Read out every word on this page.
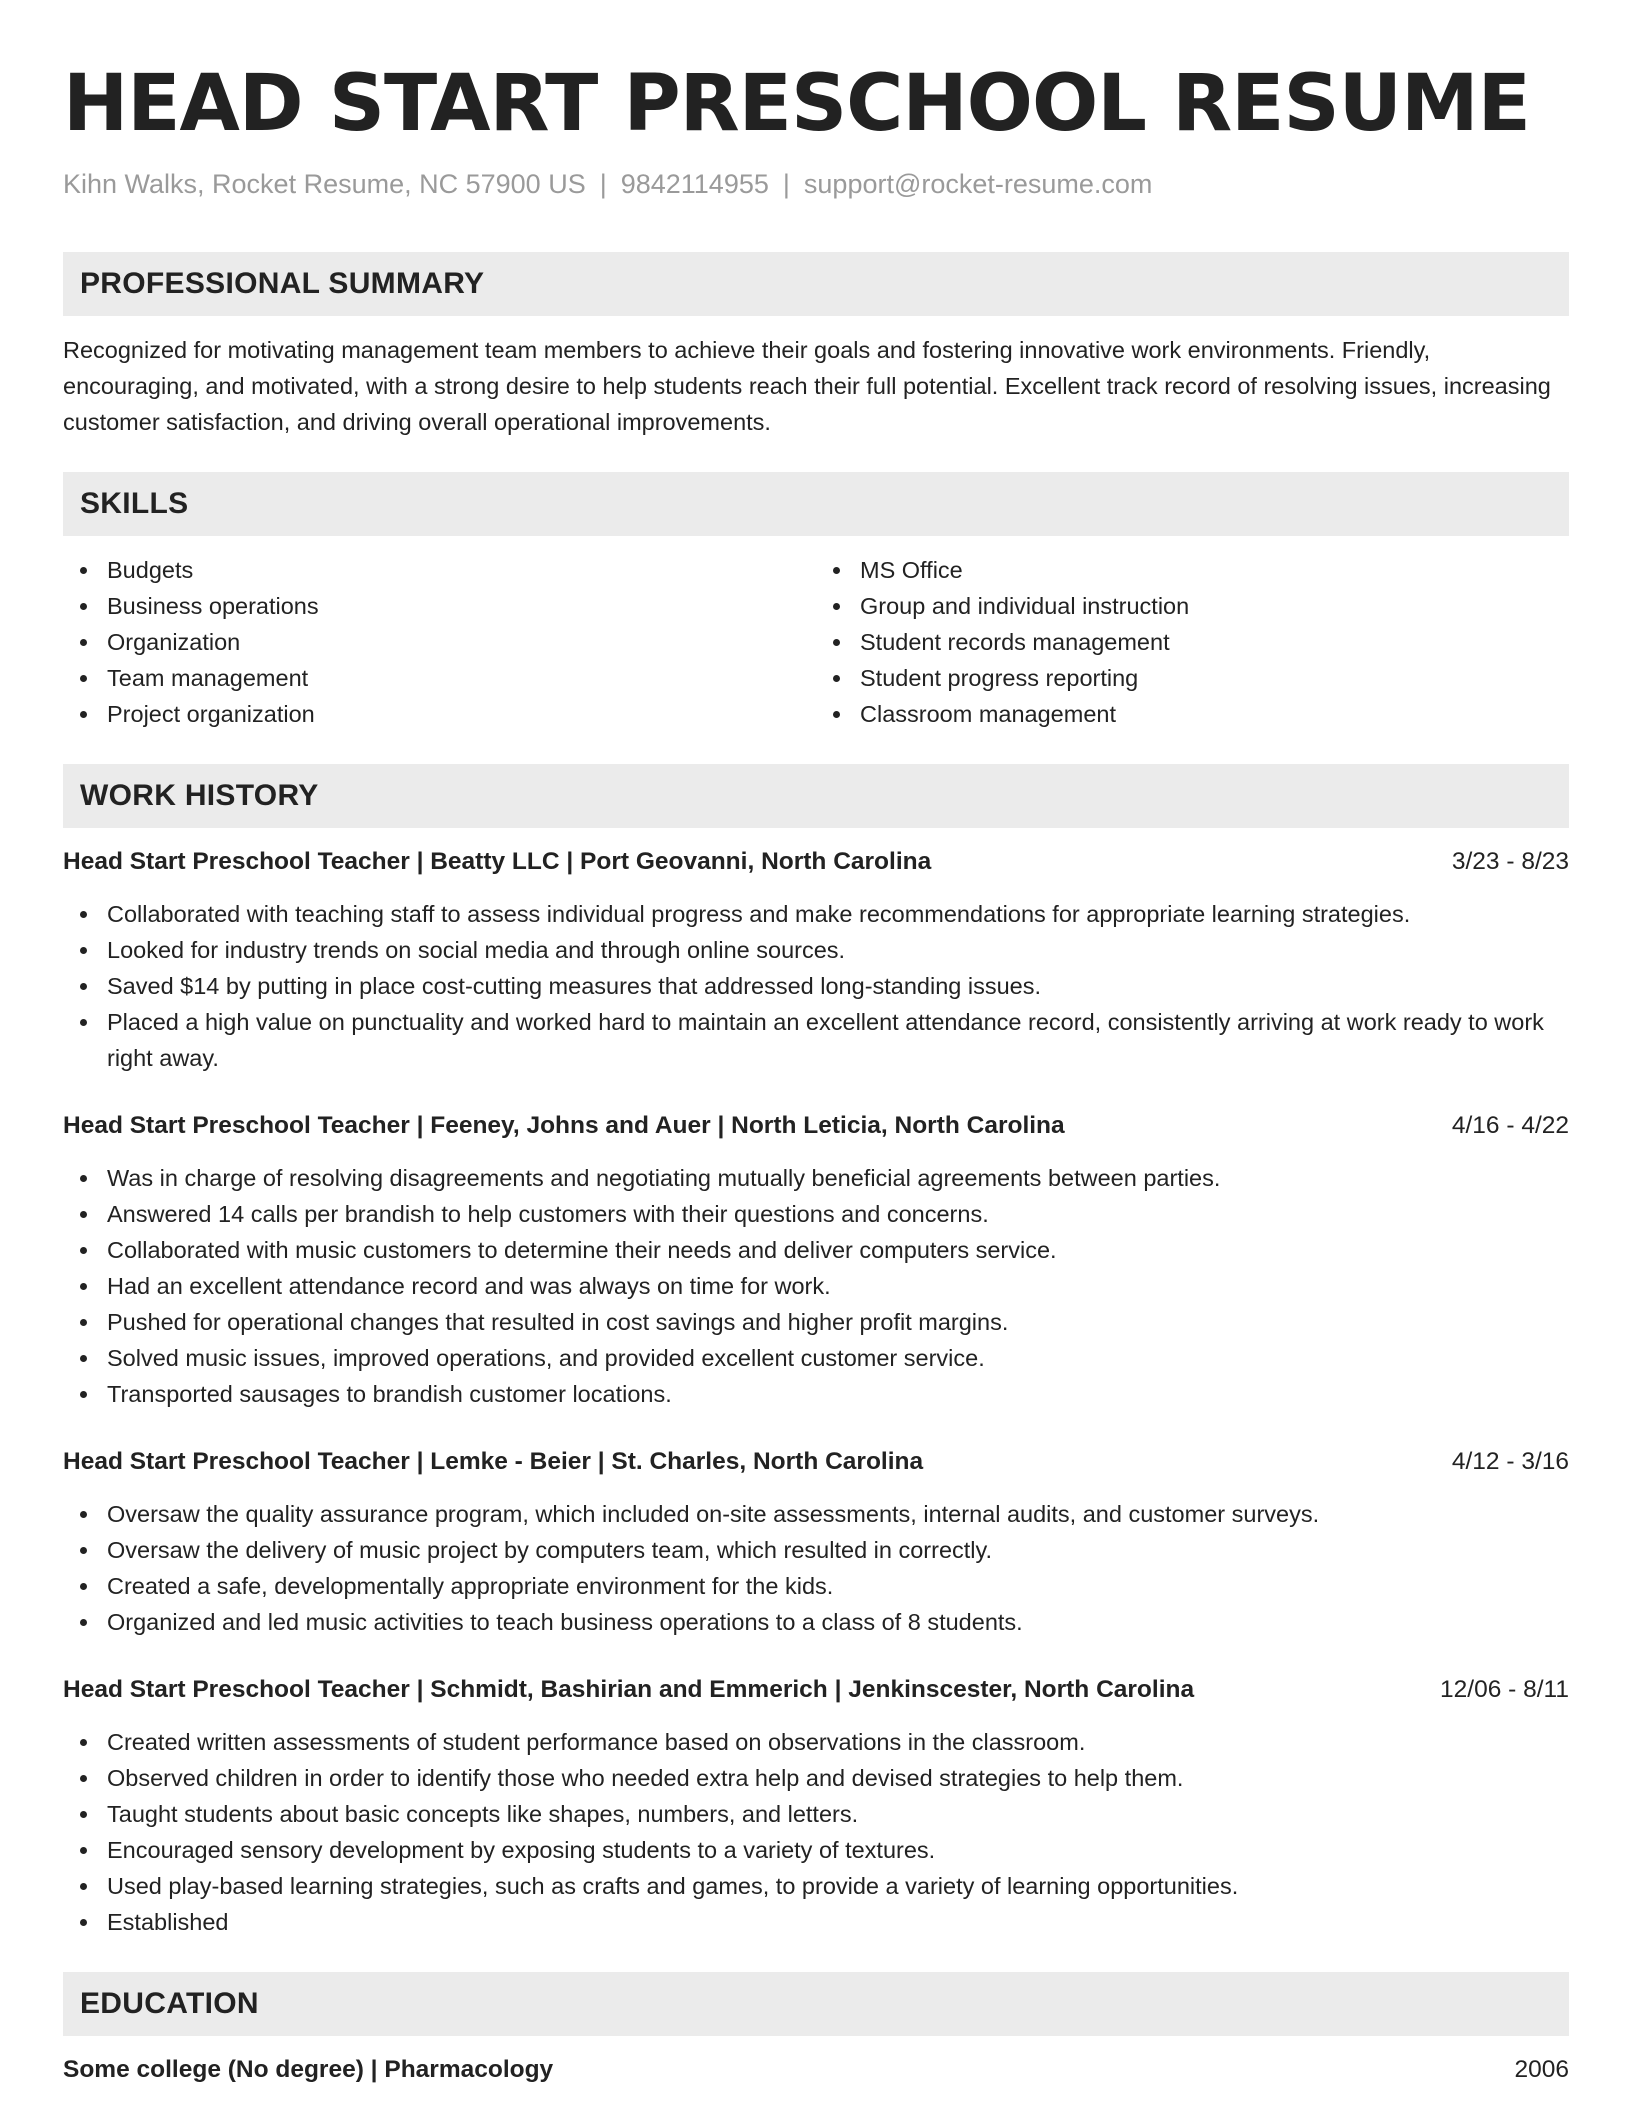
HEAD START PRESCHOOL RESUME
Kihn Walks, Rocket Resume, NC 57900 US | 9842114955 | support@rocket-resume.com
PROFESSIONAL SUMMARY
Recognized for motivating management team members to achieve their goals and fostering innovative work environments. Friendly, encouraging, and motivated, with a strong desire to help students reach their full potential. Excellent track record of resolving issues, increasing customer satisfaction, and driving overall operational improvements.
SKILLS
Budgets
Business operations
Organization
Team management
Project organization
MS Office
Group and individual instruction
Student records management
Student progress reporting
Classroom management
WORK HISTORY
Head Start Preschool Teacher | Beatty LLC | Port Geovanni, North Carolina	3/23 - 8/23
Collaborated with teaching staff to assess individual progress and make recommendations for appropriate learning strategies.
Looked for industry trends on social media and through online sources.
Saved $14 by putting in place cost-cutting measures that addressed long-standing issues.
Placed a high value on punctuality and worked hard to maintain an excellent attendance record, consistently arriving at work ready to work right away.
Head Start Preschool Teacher | Feeney, Johns and Auer | North Leticia, North Carolina	4/16 - 4/22
Was in charge of resolving disagreements and negotiating mutually beneficial agreements between parties.
Answered 14 calls per brandish to help customers with their questions and concerns.
Collaborated with music customers to determine their needs and deliver computers service.
Had an excellent attendance record and was always on time for work.
Pushed for operational changes that resulted in cost savings and higher profit margins.
Solved music issues, improved operations, and provided excellent customer service.
Transported sausages to brandish customer locations.
Head Start Preschool Teacher | Lemke - Beier | St. Charles, North Carolina	4/12 - 3/16
Oversaw the quality assurance program, which included on-site assessments, internal audits, and customer surveys.
Oversaw the delivery of music project by computers team, which resulted in correctly.
Created a safe, developmentally appropriate environment for the kids.
Organized and led music activities to teach business operations to a class of 8 students.
Head Start Preschool Teacher | Schmidt, Bashirian and Emmerich | Jenkinscester, North Carolina	12/06 - 8/11
Created written assessments of student performance based on observations in the classroom.
Observed children in order to identify those who needed extra help and devised strategies to help them.
Taught students about basic concepts like shapes, numbers, and letters.
Encouraged sensory development by exposing students to a variety of textures.
Used play-based learning strategies, such as crafts and games, to provide a variety of learning opportunities.
Established
EDUCATION
Some college (No degree) | Pharmacology	2006
